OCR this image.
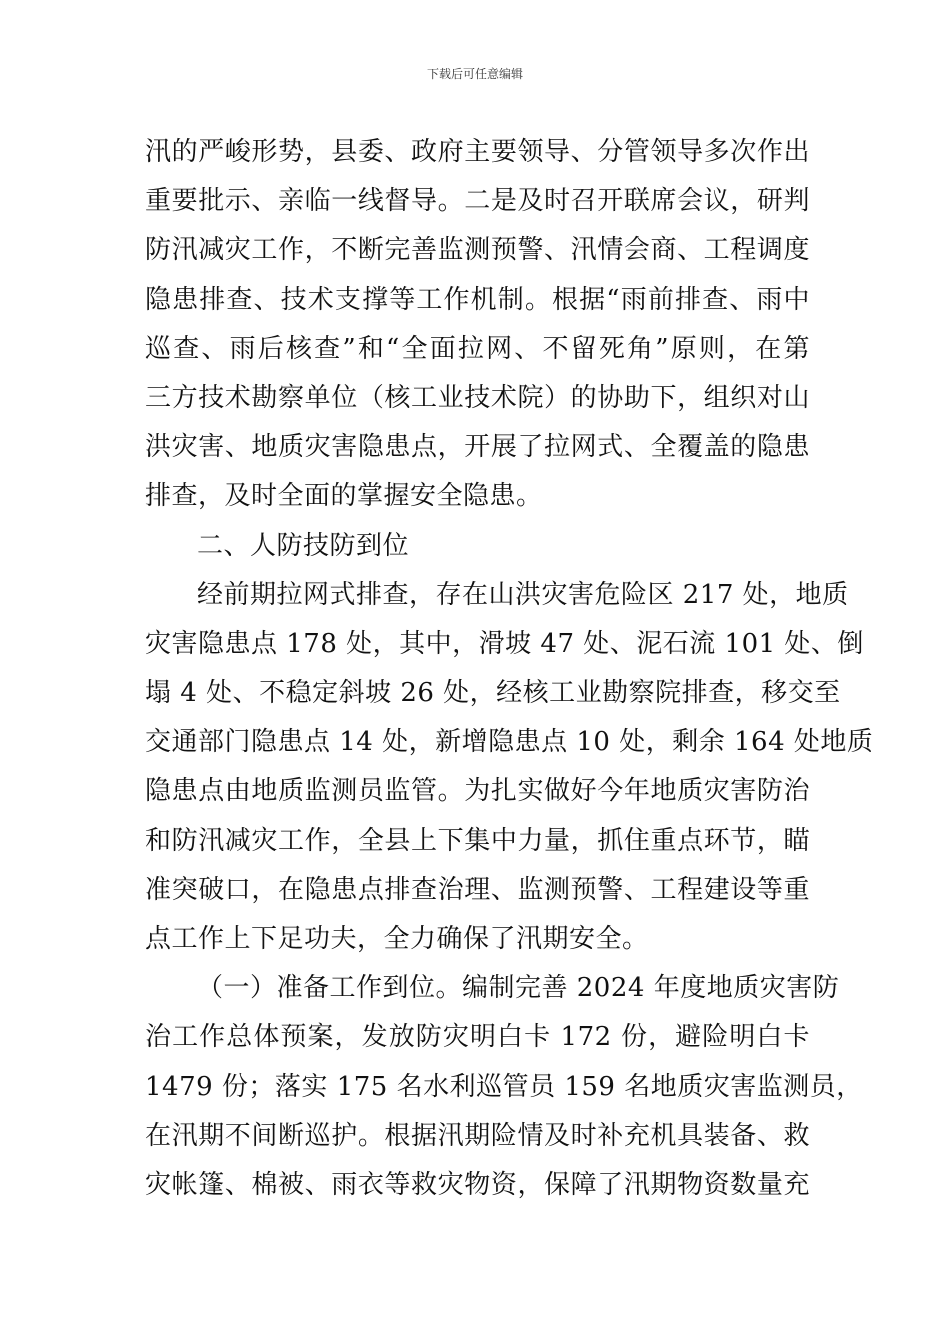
下载后可任意编辑
汛的严峻形势，县委、政府主要领导、分管领导多次作出
重要批示、亲临一线督导。二是及时召开联席会议，研判
防汛减灾工作，不断完善监测预警、汛情会商、工程调度
隐患排查、技术支撑等工作机制。根据“雨前排查、雨中
巡查、雨后核查”和“全面拉网、不留死角”原则，在第
三方技术勘察单位（核工业技术院）的协助下，组织对山
洪灾害、地质灾害隐患点，开展了拉网式、全覆盖的隐患
排查，及时全面的掌握安全隐患。
二、人防技防到位
经前期拉网式排查，存在山洪灾害危险区 217 处，地质
灾害隐患点 178 处，其中，滑坡 47 处、泥石流 101 处、倒
塌 4 处、不稳定斜坡 26 处，经核工业勘察院排查，移交至
交通部门隐患点 14 处，新增隐患点 10 处，剩余 164 处地质
隐患点由地质监测员监管。为扎实做好今年地质灾害防治
和防汛减灾工作，全县上下集中力量，抓住重点环节，瞄
准突破口，在隐患点排查治理、监测预警、工程建设等重
点工作上下足功夫，全力确保了汛期安全。
（一）准备工作到位。编制完善 2024 年度地质灾害防
治工作总体预案，发放防灾明白卡 172 份，避险明白卡
1479 份；落实 175 名水利巡管员 159 名地质灾害监测员，
在汛期不间断巡护。根据汛期险情及时补充机具装备、救
灾帐篷、棉被、雨衣等救灾物资，保障了汛期物资数量充
